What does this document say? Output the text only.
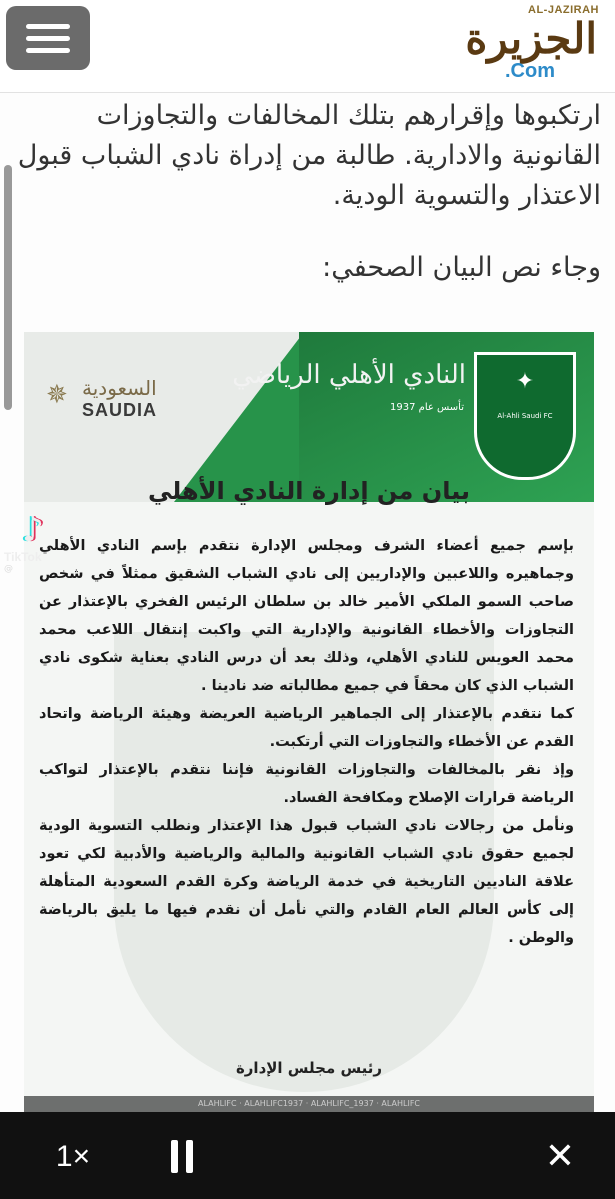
AL-JAZIRAH
الجزيرة
.Com

ارتكبوها وإقرارهم بتلك المخالفات والتجاوزات القانونية والادارية. طالبة من إدراة نادي الشباب قبول الاعتذار والتسوية الودية.

وجاء نص البيان الصحفي:

✦
Al-Ahli Saudi FC
النادي الأهلي الرياضي
تأسس عام 1937
✵ السعودية
SAUDIA
بيان من إدارة النادي الأهلي

بإسم جميع أعضاء الشرف ومجلس الإدارة نتقدم بإسم النادي الأهلي وجماهيره واللاعبين والإداريين إلى نادي الشباب الشقيق ممثلاً في شخص صاحب السمو الملكي الأمير خالد بن سلطان الرئيس الفخري بالإعتذار عن التجاوزات والأخطاء القانونية والإدارية التي واكبت إنتقال اللاعب محمد محمد العويس للنادي الأهلي، وذلك بعد أن درس النادي بعناية شكوى نادي الشباب الذي كان محقاً في جميع مطالباته ضد نادينا .

كما نتقدم بالإعتذار إلى الجماهير الرياضية العريضة وهيئة الرياضة واتحاد القدم عن الأخطاء والتجاوزات التي أرتكبت.

وإذ نقر بالمخالفات والتجاوزات القانونية فإننا نتقدم بالإعتذار لتواكب الرياضة قرارات الإصلاح ومكافحة الفساد.

ونأمل من رجالات نادي الشباب قبول هذا الإعتذار ونطلب التسوية الودية لجميع حقوق نادي الشباب القانونية والمالية والرياضية والأدبية لكي تعود علاقة الناديين التاريخية في خدمة الرياضة وكرة القدم السعودية المتأهلة إلى كأس العالم العام القادم والتي نأمل أن نقدم فيها ما يليق بالرياضة والوطن .

رئيس مجلس الإدارة
ALAHLIFC · ALAHLIFC1937 · ALAHLIFC_1937 · ALAHLIFC
♪
TikTok
@
1×	✕
